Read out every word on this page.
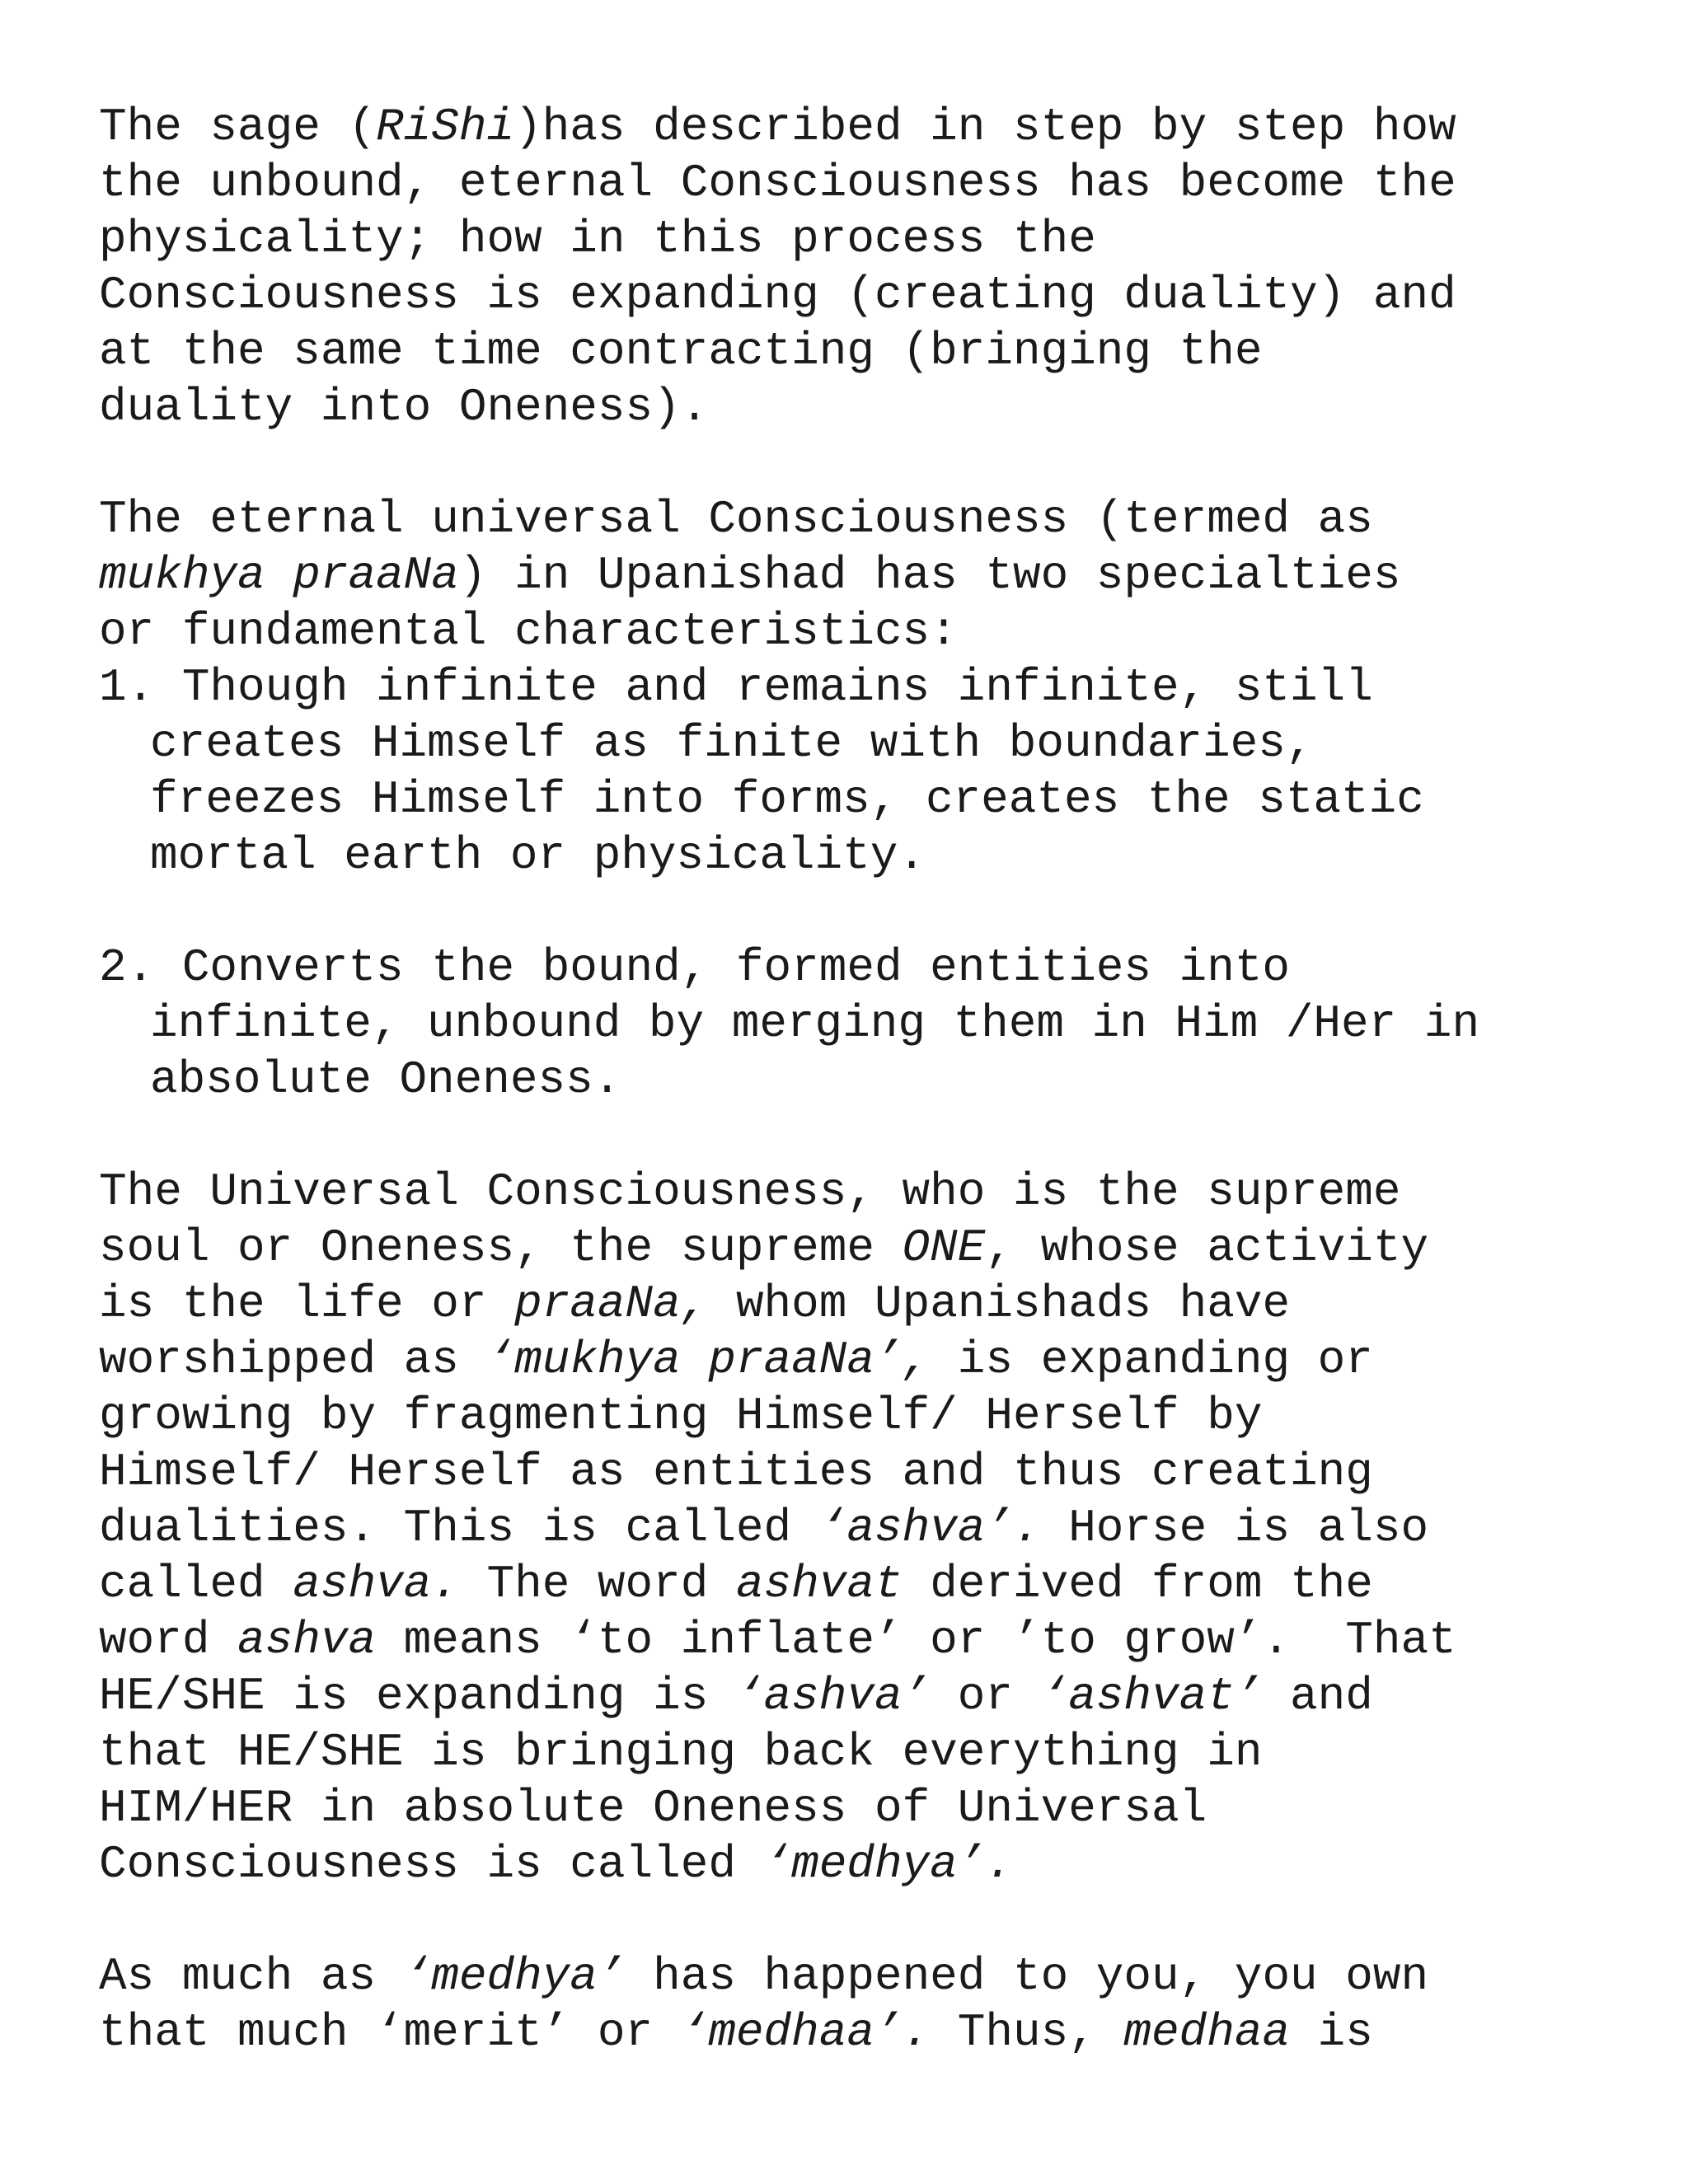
The sage (RiShi)has described in step by step how
the unbound, eternal Consciousness has become the
physicality; how in this process the
Consciousness is expanding (creating duality) and
at the same time contracting (bringing the
duality into Oneness).
The eternal universal Consciousness (termed as
mukhya praaNa) in Upanishad has two specialties
or fundamental characteristics:
1. Though infinite and remains infinite, still
creates Himself as finite with boundaries,
freezes Himself into forms, creates the static
mortal earth or physicality.
2. Converts the bound, formed entities into
infinite, unbound by merging them in Him /Her in
absolute Oneness.
The Universal Consciousness, who is the supreme
soul or Oneness, the supreme ONE, whose activity
is the life or praaNa, whom Upanishads have
worshipped as ‘mukhya praaNa’, is expanding or
growing by fragmenting Himself/ Herself by
Himself/ Herself as entities and thus creating
dualities. This is called ‘ashva’. Horse is also
called ashva. The word ashvat derived from the
word ashva means ‘to inflate’ or ’to grow’.  That
HE/SHE is expanding is ‘ashva’ or ‘ashvat’ and
that HE/SHE is bringing back everything in
HIM/HER in absolute Oneness of Universal
Consciousness is called ‘medhya’.
As much as ‘medhya’ has happened to you, you own
that much ‘merit’ or ‘medhaa’. Thus, medhaa is
